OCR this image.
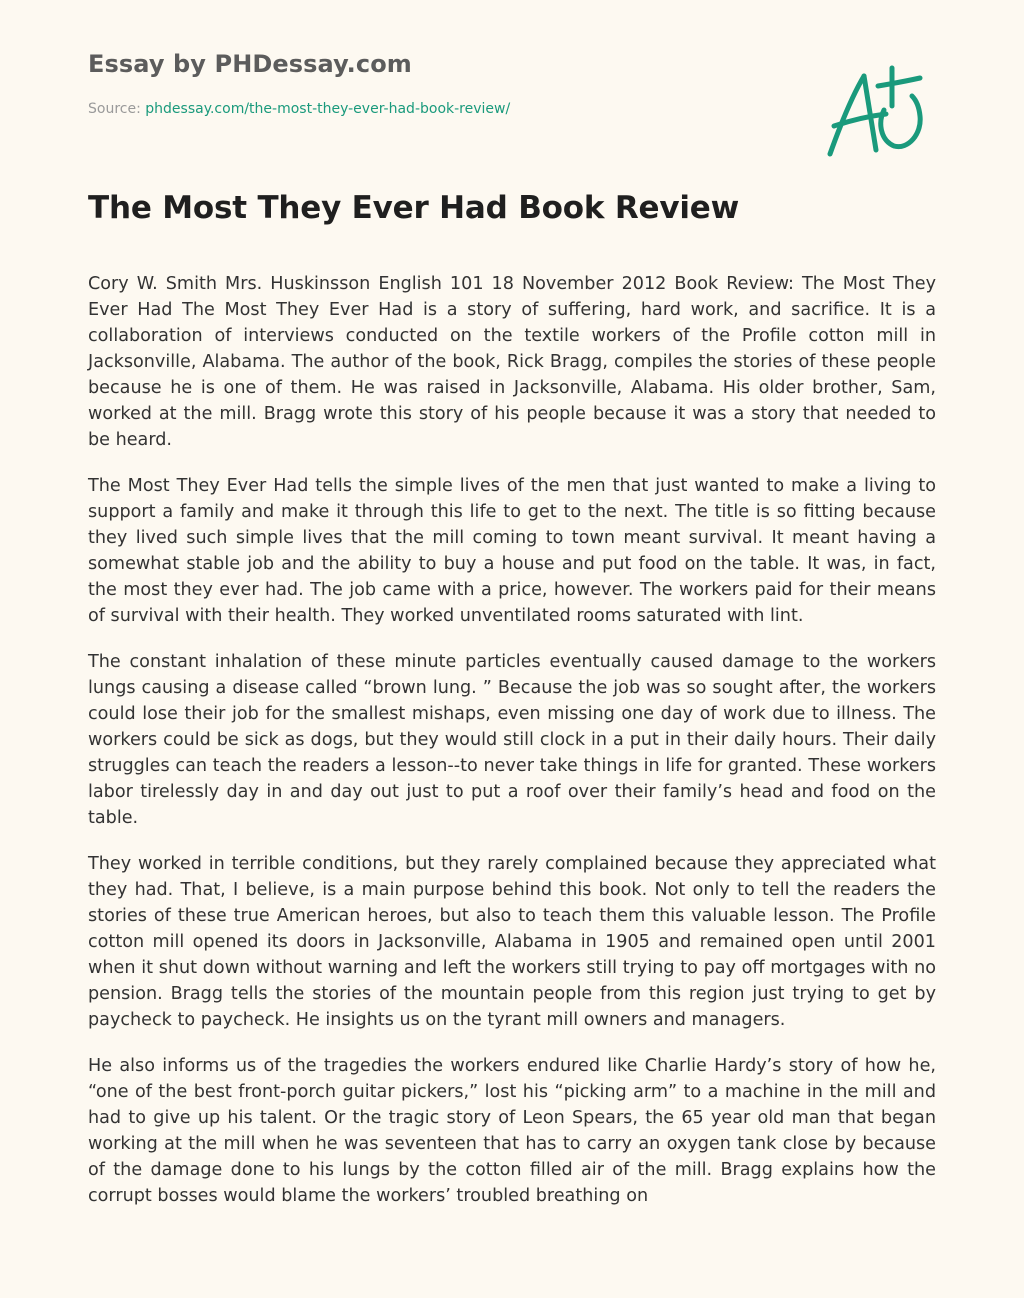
Essay by PHDessay.com

Source: phdessay.com/the-most-they-ever-had-book-review/

The Most They Ever Had Book Review

Cory W. Smith Mrs. Huskinsson English 101 18 November 2012 Book Review: The Most They Ever Had The Most They Ever Had is a story of suffering, hard work, and sacrifice. It is a collaboration of interviews conducted on the textile workers of the Profile cotton mill in Jacksonville, Alabama. The author of the book, Rick Bragg, compiles the stories of these people because he is one of them. He was raised in Jacksonville, Alabama. His older brother, Sam, worked at the mill. Bragg wrote this story of his people because it was a story that needed to be heard.

The Most They Ever Had tells the simple lives of the men that just wanted to make a living to support a family and make it through this life to get to the next. The title is so fitting because they lived such simple lives that the mill coming to town meant survival. It meant having a somewhat stable job and the ability to buy a house and put food on the table. It was, in fact, the most they ever had. The job came with a price, however. The workers paid for their means of survival with their health. They worked unventilated rooms saturated with lint.

The constant inhalation of these minute particles eventually caused damage to the workers lungs causing a disease called “brown lung. ” Because the job was so sought after, the workers could lose their job for the smallest mishaps, even missing one day of work due to illness. The workers could be sick as dogs, but they would still clock in a put in their daily hours. Their daily struggles can teach the readers a lesson--to never take things in life for granted. These workers labor tirelessly day in and day out just to put a roof over their family’s head and food on the table.

They worked in terrible conditions, but they rarely complained because they appreciated what they had. That, I believe, is a main purpose behind this book. Not only to tell the readers the stories of these true American heroes, but also to teach them this valuable lesson. The Profile cotton mill opened its doors in Jacksonville, Alabama in 1905 and remained open until 2001 when it shut down without warning and left the workers still trying to pay off mortgages with no pension. Bragg tells the stories of the mountain people from this region just trying to get by paycheck to paycheck. He insights us on the tyrant mill owners and managers.

He also informs us of the tragedies the workers endured like Charlie Hardy’s story of how he, “one of the best front-porch guitar pickers,” lost his “picking arm” to a machine in the mill and had to give up his talent. Or the tragic story of Leon Spears, the 65 year old man that began working at the mill when he was seventeen that has to carry an oxygen tank close by because of the damage done to his lungs by the cotton filled air of the mill. Bragg explains how the corrupt bosses would blame the workers’ troubled breathing on
